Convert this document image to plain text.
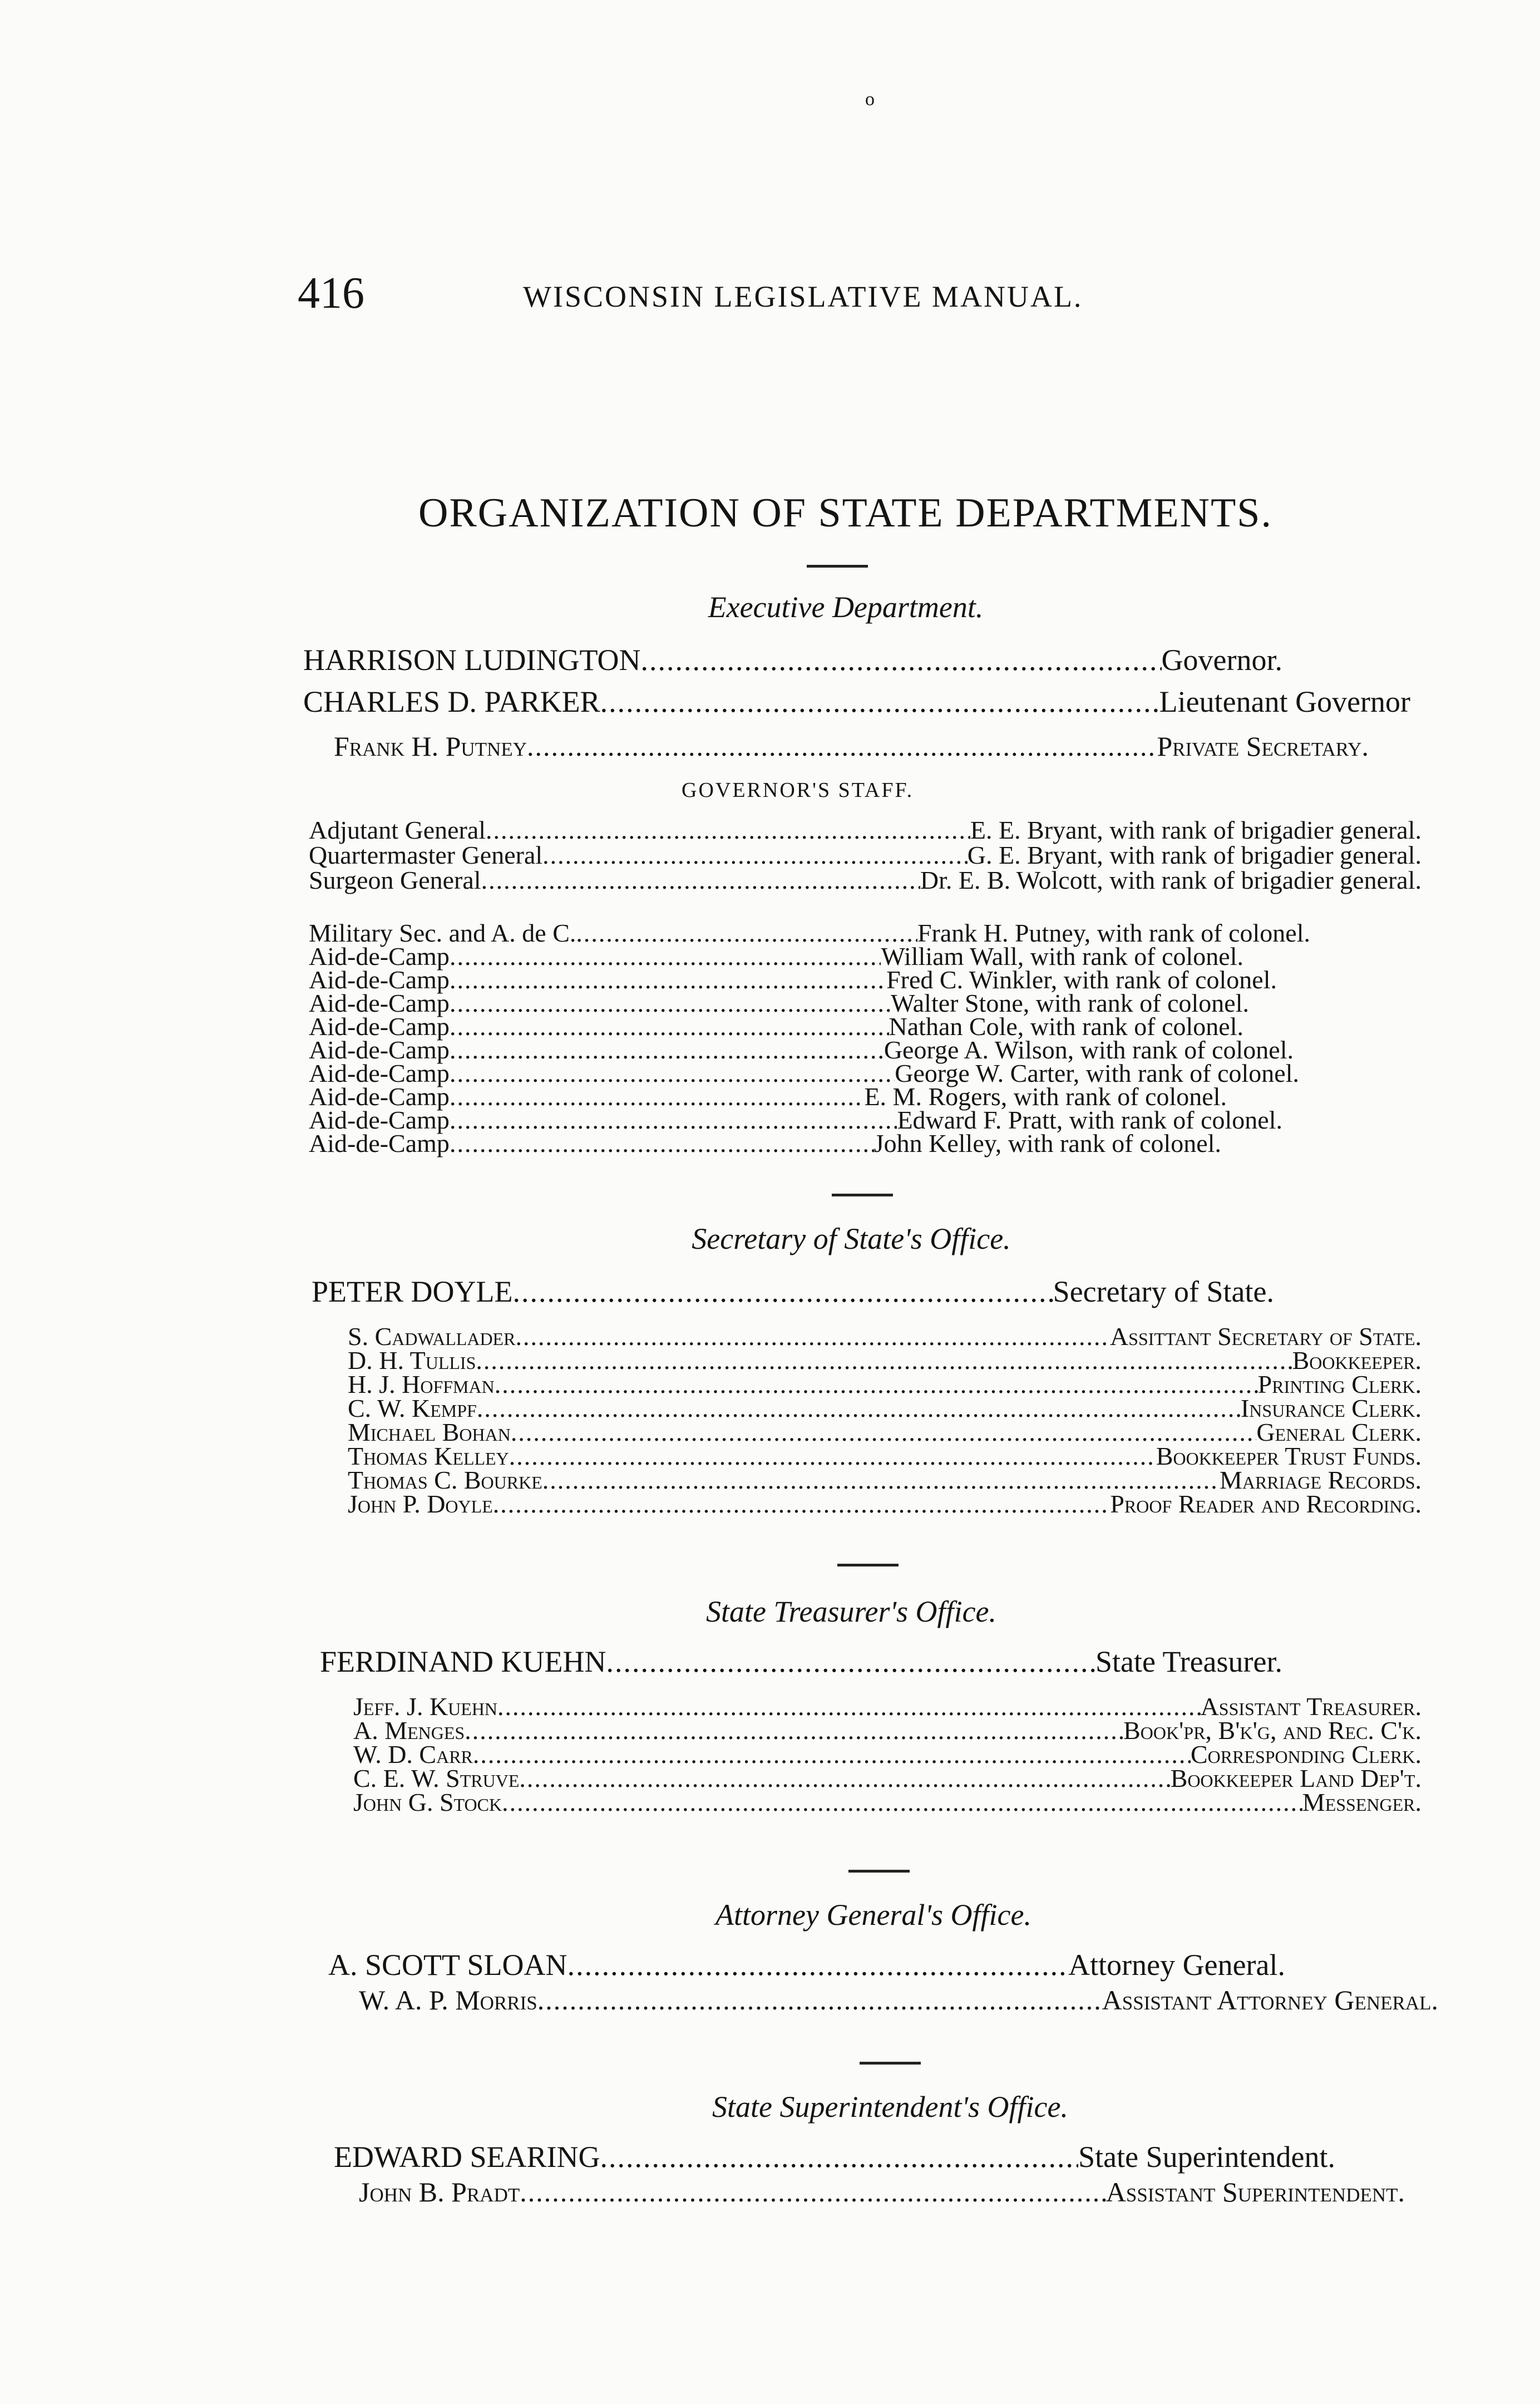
o
416	WISCONSIN LEGISLATIVE MANUAL.
ORGANIZATION OF STATE DEPARTMENTS.
Executive Department.
HARRISON LUDINGTON .....	Governor.
CHARLES D. PARKER .....	Lieutenant Governor
Frank H. Putney .....	Private Secretary.
GOVERNOR'S STAFF.
Adjutant General .....	E. E. Bryant, with rank of brigadier general.
Quartermaster General .....	G. E. Bryant, with rank of brigadier general.
Surgeon General .....	Dr. E. B. Wolcott, with rank of brigadier general.
Military Sec. and A. de C. .....	Frank H. Putney, with rank of colonel.
Aid-de-Camp .....	William Wall, with rank of colonel.
Aid-de-Camp .....	Fred C. Winkler, with rank of colonel.
Aid-de-Camp .....	Walter Stone, with rank of colonel.
Aid-de-Camp .....	Nathan Cole, with rank of colonel.
Aid-de-Camp .....	George A. Wilson, with rank of colonel.
Aid-de-Camp .....	George W. Carter, with rank of colonel.
Aid-de-Camp .....	E. M. Rogers, with rank of colonel.
Aid-de-Camp .....	Edward F. Pratt, with rank of colonel.
Aid-de-Camp .....	John Kelley, with rank of colonel.
Secretary of State's Office.
PETER DOYLE .....	Secretary of State.
S. Cadwallader .....	Assittant Secretary of State.
D. H. Tullis .....	Bookkeeper.
H. J. Hoffman .....	Printing Clerk.
C. W. Kempf .....	Insurance Clerk.
Michael Bohan .....	General Clerk.
Thomas Kelley .....	Bookkeeper Trust Funds.
Thomas C. Bourke .....	Marriage Records.
John P. Doyle .....	Proof Reader and Recording.
State Treasurer's Office.
FERDINAND KUEHN .....	State Treasurer.
Jeff. J. Kuehn .....	Assistant Treasurer.
A. Menges .....	Book'pr, B'k'g, and Rec. C'k.
W. D. Carr .....	Corresponding Clerk.
C. E. W. Struve .....	Bookkeeper Land Dep't.
John G. Stock .....	Messenger.
Attorney General's Office.
A. SCOTT SLOAN .....	Attorney General.
W. A. P. Morris .....	Assistant Attorney General.
State Superintendent's Office.
EDWARD SEARING .....	State Superintendent.
John B. Pradt .....	Assistant Superintendent.
